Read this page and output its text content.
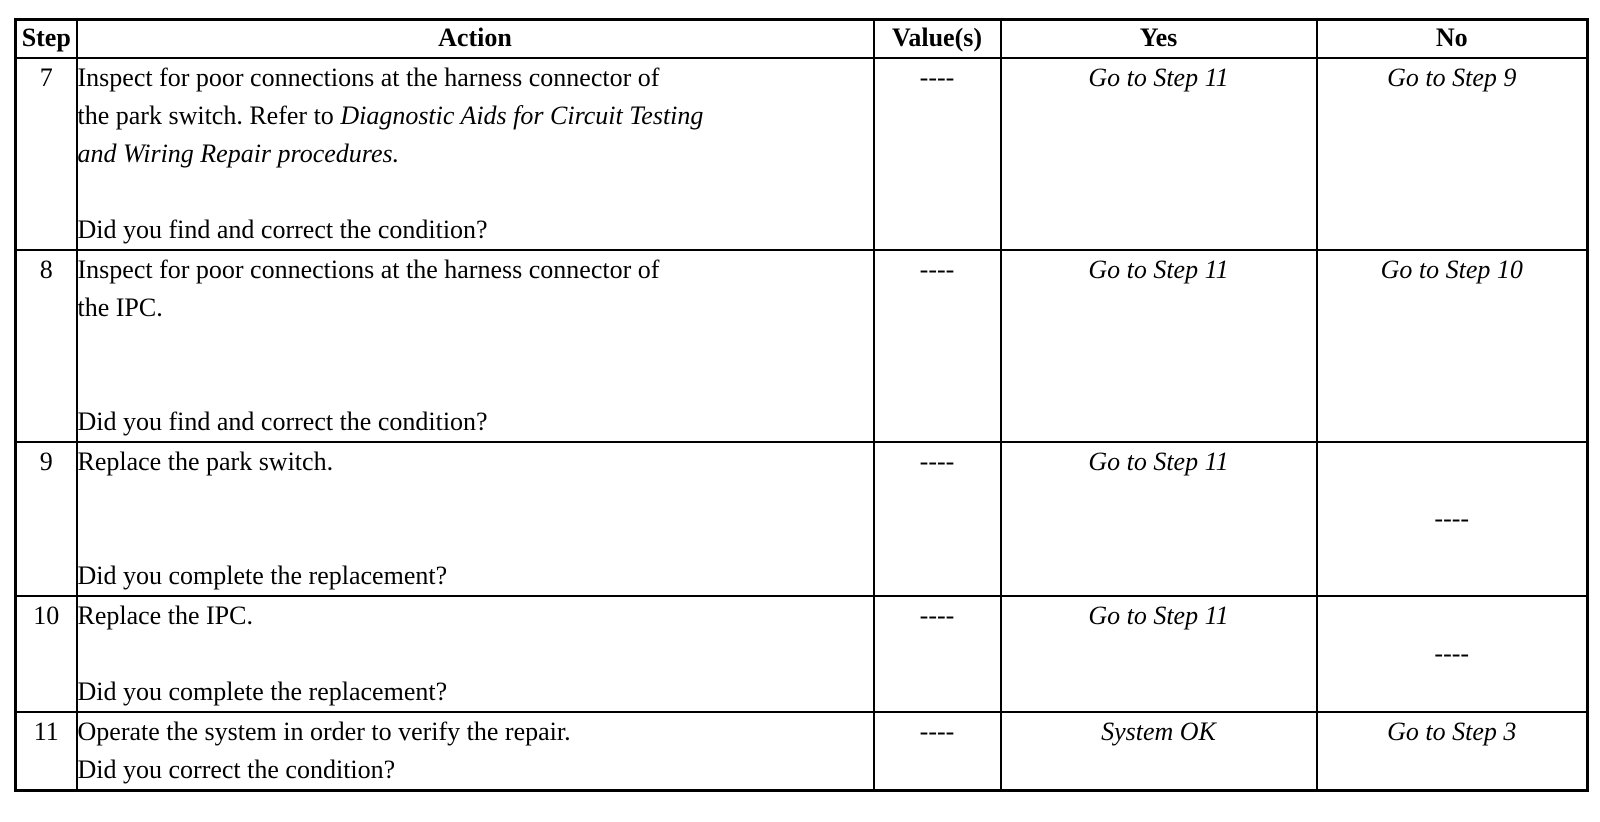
Step	Action	Value(s)	Yes	No
7	Inspect for poor connections at the harness connector of
the park switch. Refer to Diagnostic Aids for Circuit Testing
and Wiring Repair procedures.
Did you find and correct the condition?	----	Go to Step 11	Go to Step 9
8	Inspect for poor connections at the harness connector of
the IPC.
Did you find and correct the condition?	----	Go to Step 11	Go to Step 10
9	Replace the park switch.
Did you complete the replacement?	----	Go to Step 11	----
10	Replace the IPC.
Did you complete the replacement?	----	Go to Step 11	----
11	Operate the system in order to verify the repair.
Did you correct the condition?	----	System OK	Go to Step 3
